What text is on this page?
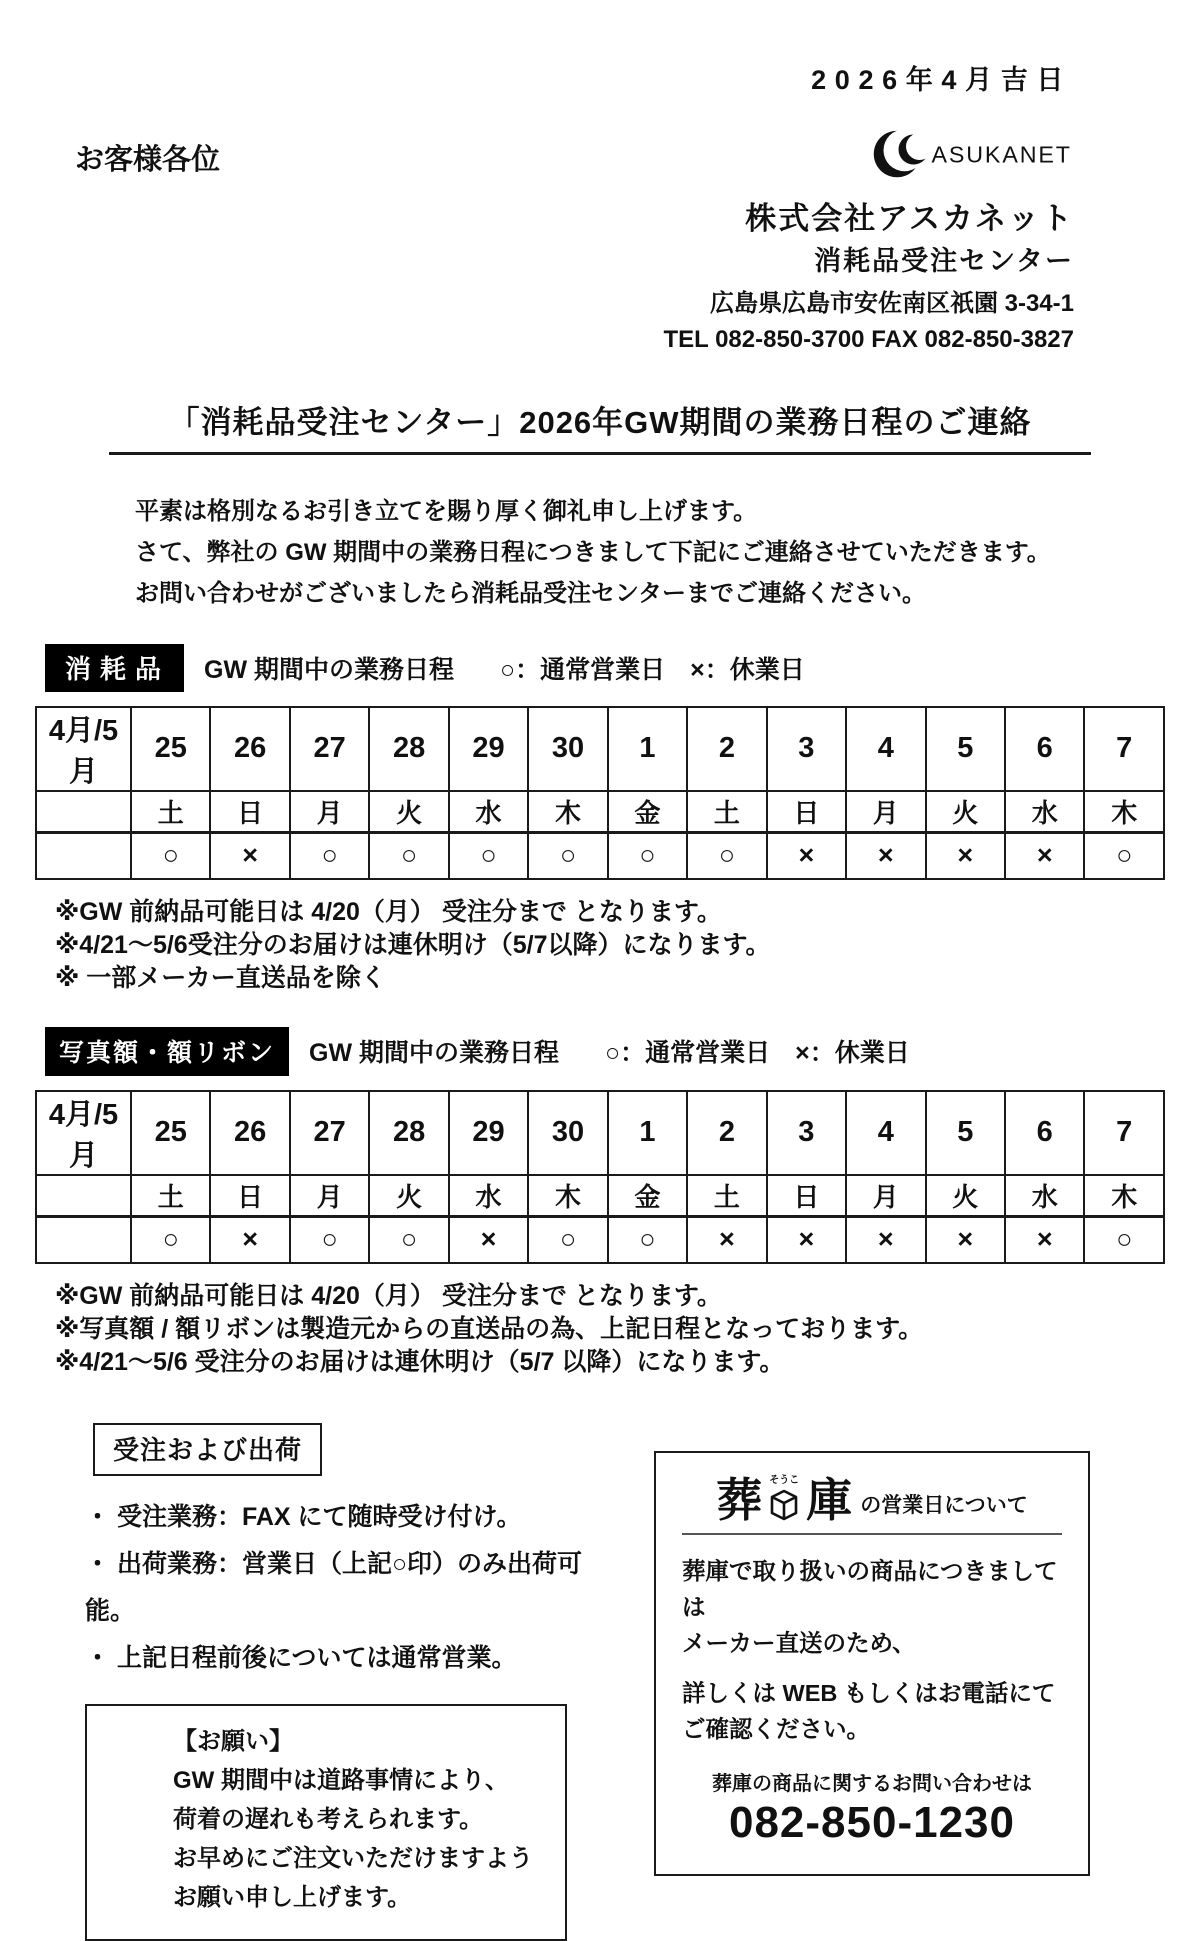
2026年4月吉日
お客様各位	ASUKANET
株式会社アスカネット
消耗品受注センター
広島県広島市安佐南区祇園 3-34-1
TEL 082-850-3700 FAX 082-850-3827
「消耗品受注センター」2026年GW期間の業務日程のご連絡
平素は格別なるお引き立てを賜り厚く御礼申し上げます。
さて、弊社の GW 期間中の業務日程につきまして下記にご連絡させていただきます。
お問い合わせがございましたら消耗品受注センターまでご連絡ください。
消耗品	GW 期間中の業務日程 ○：通常営業日　×：休業日
4月/5月	25	26	27	28	29	30	1	2	3	4	5	6	7
	土	日	月	火	水	木	金	土	日	月	火	水	木
	○	×	○	○	○	○	○	○	×	×	×	×	○
※GW 前納品可能日は 4/20（月） 受注分まで となります。
※4/21〜5/6受注分のお届けは連休明け（5/7以降）になります。
※ 一部メーカー直送品を除く
写真額・額リボン	GW 期間中の業務日程 ○：通常営業日　×：休業日
4月/5月	25	26	27	28	29	30	1	2	3	4	5	6	7
	土	日	月	火	水	木	金	土	日	月	火	水	木
	○	×	○	○	×	○	○	×	×	×	×	×	○
※GW 前納品可能日は 4/20（月） 受注分まで となります。
※写真額 / 額リボンは製造元からの直送品の為、上記日程となっております。
※4/21〜5/6 受注分のお届けは連休明け（5/7 以降）になります。
受注および出荷
・ 受注業務：FAX にて随時受け付け。
・ 出荷業務：営業日（上記○印）のみ出荷可能。
・ 上記日程前後については通常営業。
【お願い】
GW 期間中は道路事情により、
荷着の遅れも考えられます。
お早めにご注文いただけますよう
お願い申し上げます。
葬 そうこ 庫 の営業日について
葬庫で取り扱いの商品につきましては
メーカー直送のため、
詳しくは WEB もしくはお電話にて
ご確認ください。
葬庫の商品に関するお問い合わせは
082-850-1230
